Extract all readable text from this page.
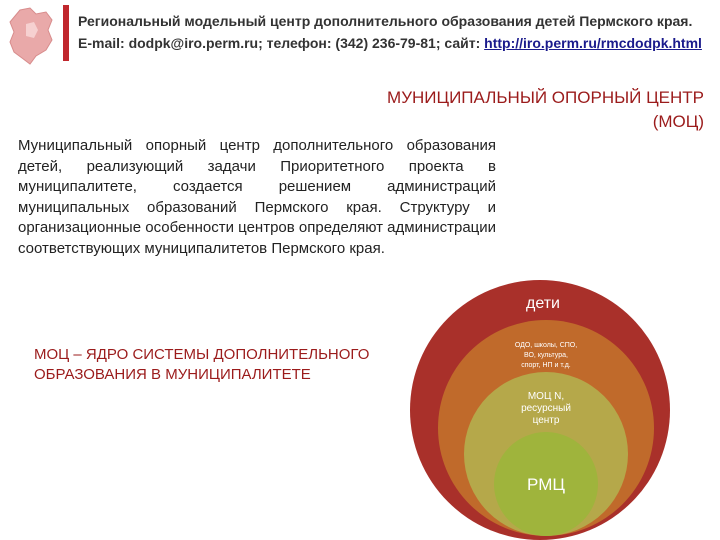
Региональный модельный центр дополнительного образования детей Пермского края.
E-mail: dodpk@iro.perm.ru; телефон: (342) 236-79-81; сайт: http://iro.perm.ru/rmcdodpk.html
МУНИЦИПАЛЬНЫЙ ОПОРНЫЙ ЦЕНТР
(МОЦ)
Муниципальный опорный центр дополнительного образования детей, реализующий задачи Приоритетного проекта в муниципалитете, создается решением администраций муниципальных образований Пермского края. Структуру и организационные особенности центров определяют администрации соответствующих муниципалитетов Пермского края.
МОЦ – ЯДРО СИСТЕМЫ ДОПОЛНИТЕЛЬНОГО ОБРАЗОВАНИЯ В МУНИЦИПАЛИТЕТЕ
дети
ОДО, школы, СПО,
ВО, культура,
спорт, НП и т.д.
МОЦ N,
ресурсный
центр
РМЦ
